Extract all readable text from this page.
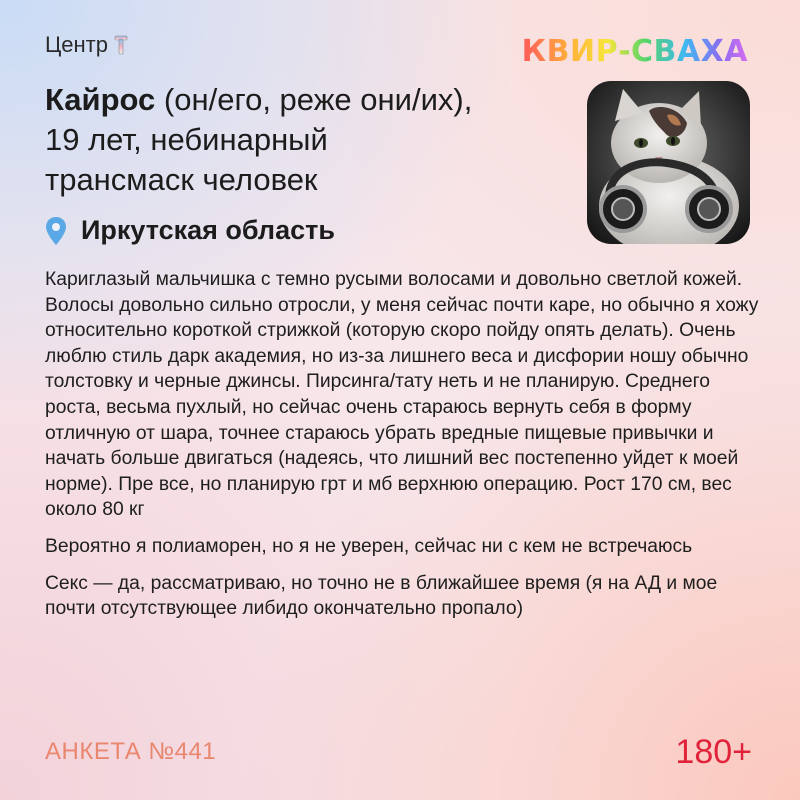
Центр	КВИР-СВАХА
Кайрос (он/его, реже они/их),
19 лет, небинарный
трансмаск человек
Иркутская область

Кариглазый мальчишка с темно русыми волосами и довольно светлой кожей. Волосы довольно сильно отросли, у меня сейчас почти каре, но обычно я хожу относительно короткой стрижкой (которую скоро пойду опять делать). Очень люблю стиль дарк академия, но из-за лишнего веса и дисфории ношу обычно толстовку и черные джинсы. Пирсинга/тату неть и не планирую. Среднего роста, весьма пухлый, но сейчас очень стараюсь вернуть себя в форму отличную от шара, точнее стараюсь убрать вредные пищевые привычки и начать больше двигаться (надеясь, что лишний вес постепенно уйдет к моей норме). Пре все, но планирую грт и мб верхнюю операцию. Рост 170 см, вес около 80 кг

Вероятно я полиаморен, но я не уверен, сейчас ни с кем не встречаюсь

Секс — да, рассматриваю, но точно не в ближайшее время (я на АД и мое почти отсутствующее либидо окончательно пропало)

АНКЕТА №441	180+
